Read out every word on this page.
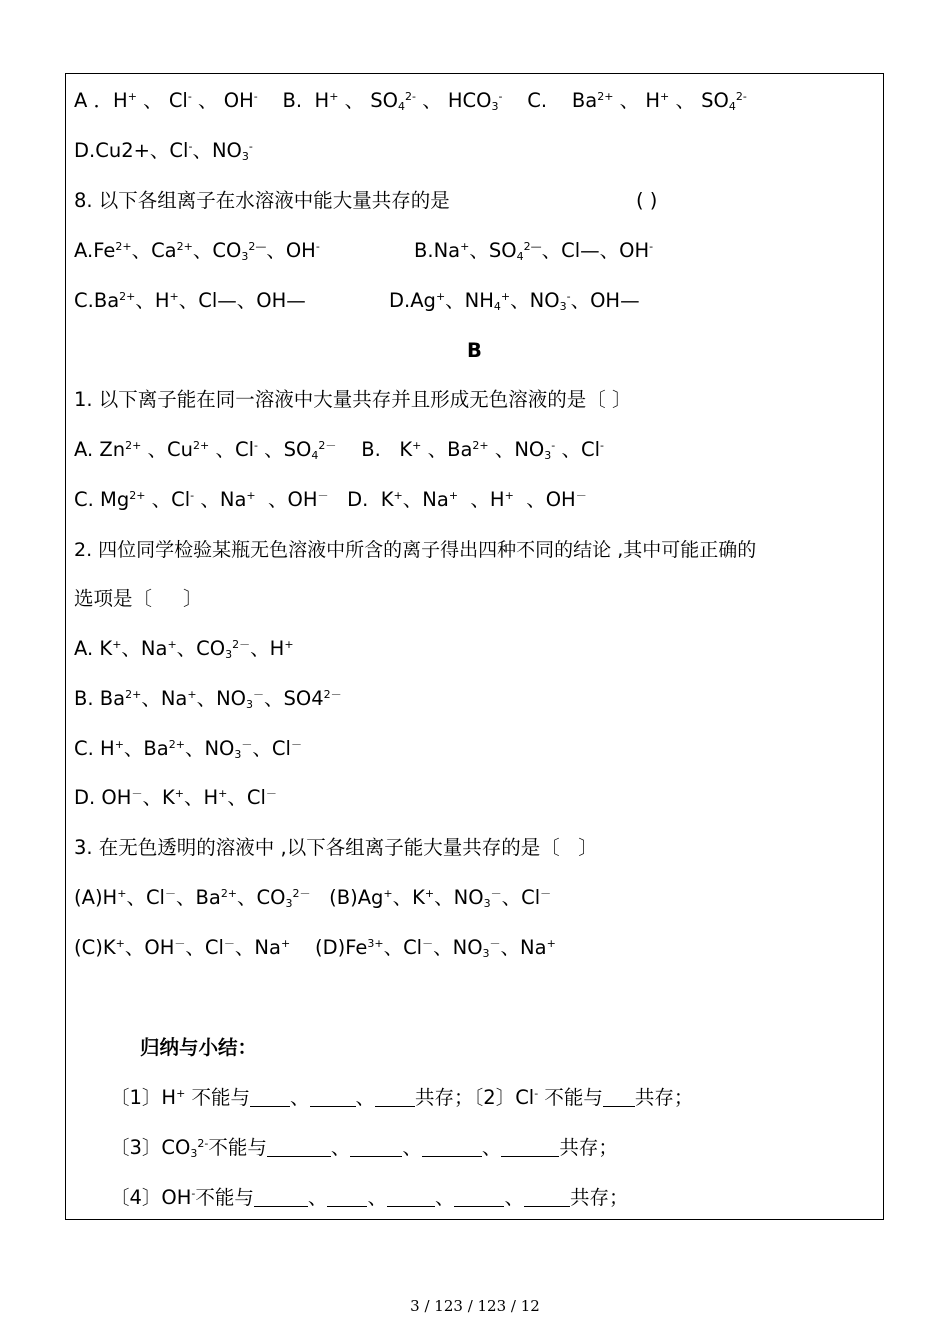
A ．H+ 、 Cl- 、 OH-    B.  H+ 、 $SO_4^{2-}$ 、 $HCO_3^-$    C.    $Ba^{2+}$ 、 H+ 、 $SO_4^{2-}$
D.Cu2+、Cl-、$NO_3^-$
8. 以下各组离子在水溶液中能大量共存的是	( )
$A.Fe^{2+}$、$Ca^{2+}$、$CO_3^{2—}$、OH-	B.Na+、$SO_4^{2—}$、Cl—、OH-
$C.Ba^{2+}$、H+、Cl—、OH—	D.Ag+、$NH_4^+$、$NO_3^-$、OH—
B
1. 以下离子能在同一溶液中大量共存并且形成无色溶液的是〔 〕
A. $Zn^{2+}$ 、$Cu^{2+}$ 、Cl- 、$SO_4^{2-}$    B.   K+ 、$Ba^{2+}$ 、$NO_3^-$ 、Cl-
C. $Mg^{2+}$ 、Cl- 、Na+  、OH－   D.  K+、Na+  、H+  、OH－
2. 四位同学检验某瓶无色溶液中所含的离子得出四种不同的结论 ,其中可能正确的
选项是〔     〕
A. K+、Na+、$CO_3^{2-}$、H+
B. $Ba^{2+}$、Na+、$NO_3^-$、$SO4^{2-}$
C. H+、$Ba^{2+}$、$NO_3^-$、Cl－
D. OH－、K+、H+、Cl－
3. 在无色透明的溶液中 ,以下各组离子能大量共存的是〔   〕
(A)H+、Cl－、$Ba^{2+}$、$CO_3^{2-}$   (B)Ag+、K+、$NO_3^-$、Cl－
(C)K+、OH－、Cl－、Na+    $(D)Fe^{3+}$、Cl－、$NO_3^-$、Na+
归纳与小结：
〔1〕H+ 不能与 、 、 共存；〔2〕Cl- 不能与 共存；
〔3〕$CO_3^{2-}$不能与	、	、	、	共存；
〔4〕OH-不能与	、 、 、	、 共存；
3 / 123 / 123 / 12
